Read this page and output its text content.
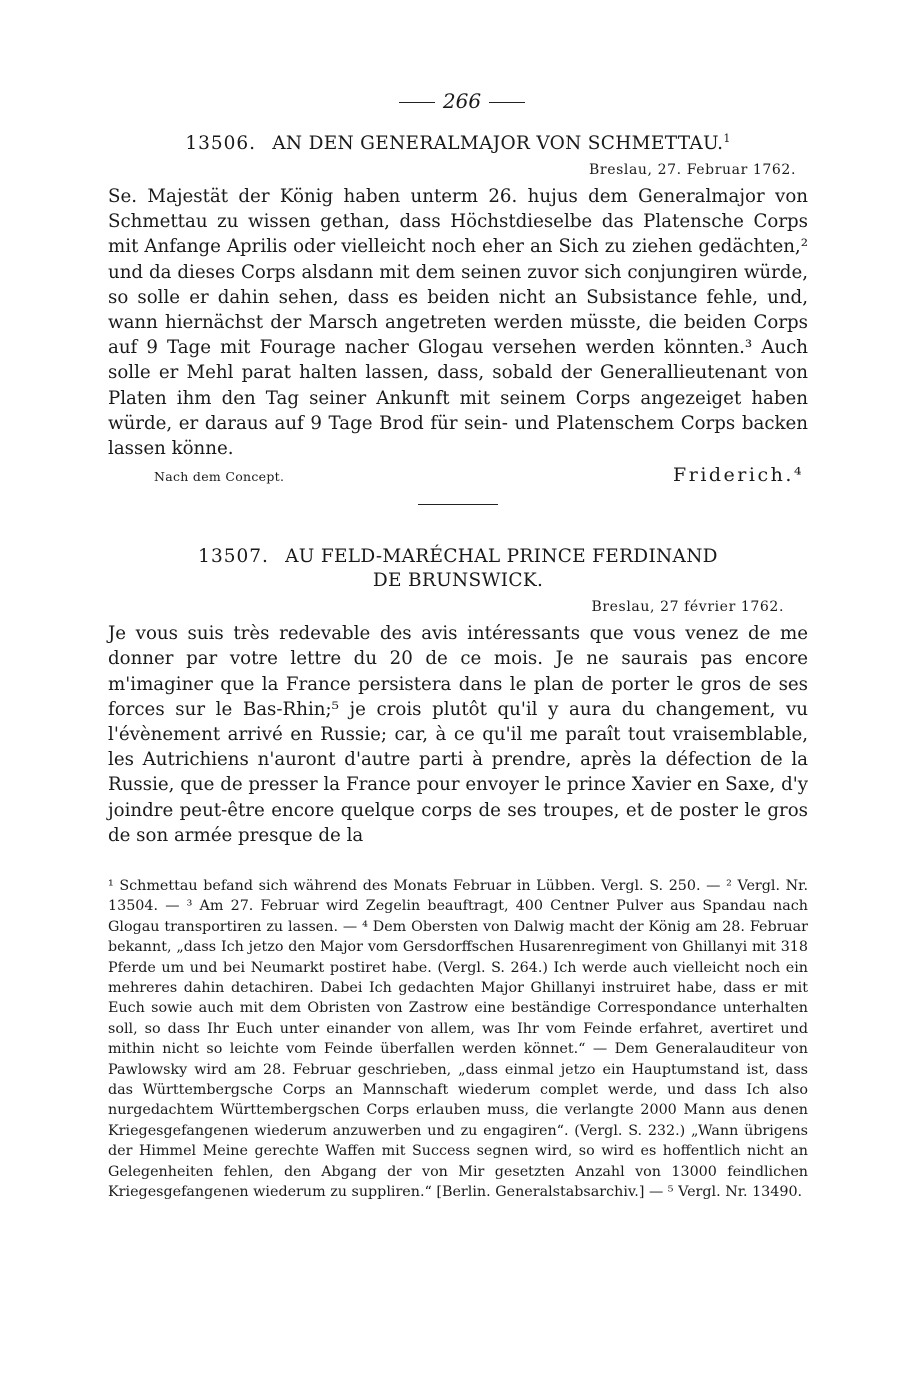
266
13506. AN DEN GENERALMAJOR VON SCHMETTAU.$^1$
Breslau, 27. Februar 1762.

Se. Majestät der König haben unterm 26. hujus dem Generalmajor von Schmettau zu wissen gethan, dass Höchstdieselbe das Platensche Corps mit Anfange Aprilis oder vielleicht noch eher an Sich zu ziehen gedächten,² und da dieses Corps alsdann mit dem seinen zuvor sich conjungiren würde, so solle er dahin sehen, dass es beiden nicht an Subsistance fehle, und, wann hiernächst der Marsch angetreten werden müsste, die beiden Corps auf 9 Tage mit Fourage nacher Glogau versehen werden könnten.³ Auch solle er Mehl parat halten lassen, dass, sobald der Generallieutenant von Platen ihm den Tag seiner Ankunft mit seinem Corps angezeiget haben würde, er daraus auf 9 Tage Brod für sein- und Platenschem Corps backen lassen könne.

Nach dem Concept.	Friderich.⁴
13507. AU FELD-MARÉCHAL PRINCE FERDINAND
DE BRUNSWICK.
Breslau, 27 février 1762.

Je vous suis très redevable des avis intéressants que vous venez de me donner par votre lettre du 20 de ce mois. Je ne saurais pas encore m'imaginer que la France persistera dans le plan de porter le gros de ses forces sur le Bas-Rhin;⁵ je crois plutôt qu'il y aura du changement, vu l'évènement arrivé en Russie; car, à ce qu'il me paraît tout vraisemblable, les Autrichiens n'auront d'autre parti à prendre, après la défection de la Russie, que de presser la France pour envoyer le prince Xavier en Saxe, d'y joindre peut-être encore quelque corps de ses troupes, et de poster le gros de son armée presque de la

¹ Schmettau befand sich während des Monats Februar in Lübben. Vergl. S. 250. — ² Vergl. Nr. 13504. — ³ Am 27. Februar wird Zegelin beauftragt, 400 Centner Pulver aus Spandau nach Glogau transportiren zu lassen. — ⁴ Dem Obersten von Dalwig macht der König am 28. Februar bekannt, „dass Ich jetzo den Major vom Gersdorffschen Husarenregiment von Ghillanyi mit 318 Pferde um und bei Neumarkt postiret habe. (Vergl. S. 264.) Ich werde auch vielleicht noch ein mehreres dahin detachiren. Dabei Ich gedachten Major Ghillanyi instruiret habe, dass er mit Euch sowie auch mit dem Obristen von Zastrow eine beständige Correspondance unterhalten soll, so dass Ihr Euch unter einander von allem, was Ihr vom Feinde erfahret, avertiret und mithin nicht so leichte vom Feinde überfallen werden könnet.“ — Dem Generalauditeur von Pawlowsky wird am 28. Februar geschrieben, „dass einmal jetzo ein Hauptumstand ist, dass das Württembergsche Corps an Mannschaft wiederum complet werde, und dass Ich also nurgedachtem Württembergschen Corps erlauben muss, die verlangte 2000 Mann aus denen Kriegesgefangenen wiederum anzuwerben und zu engagiren“. (Vergl. S. 232.) „Wann übrigens der Himmel Meine gerechte Waffen mit Success segnen wird, so wird es hoffentlich nicht an Gelegenheiten fehlen, den Abgang der von Mir gesetzten Anzahl von 13000 feindlichen Kriegesgefangenen wiederum zu suppliren.“ [Berlin. Generalstabsarchiv.] — ⁵ Vergl. Nr. 13490.
